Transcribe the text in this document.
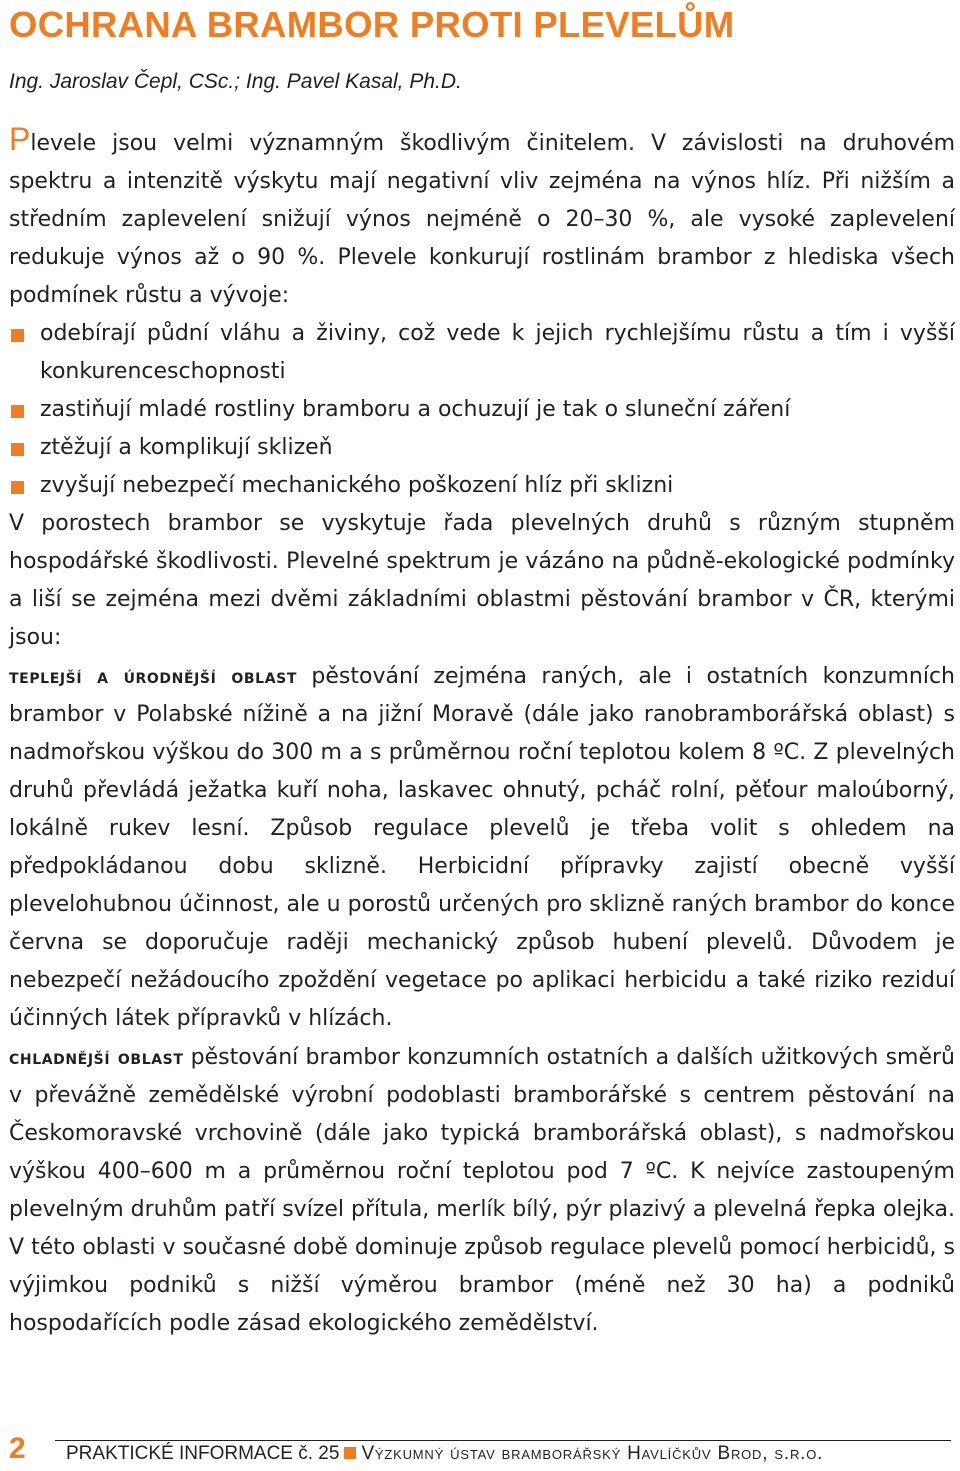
OCHRANA BRAMBOR PROTI PLEVELŮM
Ing. Jaroslav Čepl, CSc.; Ing. Pavel Kasal, Ph.D.

Plevele jsou velmi významným škodlivým činitelem. V závislosti na druhovém spektru a intenzitě výskytu mají negativní vliv zejména na výnos hlíz. Při nižším a středním zaplevelení snižují výnos nejméně o 20–30 %, ale vysoké zaplevelení redukuje výnos až o 90 %. Plevele konkurují rostlinám brambor z hlediska všech podmínek růstu a vývoje:

odebírají půdní vláhu a živiny, což vede k jejich rychlejšímu růstu a tím i vyšší konkurenceschopnosti
zastiňují mladé rostliny bramboru a ochuzují je tak o sluneční záření
ztěžují a komplikují sklizeň
zvyšují nebezpečí mechanického poškození hlíz při sklizni

V porostech brambor se vyskytuje řada plevelných druhů s různým stupněm hospodářské škodlivosti. Plevelné spektrum je vázáno na půdně-ekologické podmínky a liší se zejména mezi dvěmi základními oblastmi pěstování brambor v ČR, kterými jsou:

teplejší a úrodnější oblast pěstování zejména raných, ale i ostatních konzumních brambor v Polabské nížině a na jižní Moravě (dále jako ranobramborářská oblast) s nadmořskou výškou do 300 m a s průměrnou roční teplotou kolem 8 ºC. Z plevelných druhů převládá ježatka kuří noha, laskavec ohnutý, pcháč rolní, pěťour maloúborný, lokálně rukev lesní. Způsob regulace plevelů je třeba volit s ohledem na předpokládanou dobu sklizně. Herbicidní přípravky zajistí obecně vyšší plevelohubnou účinnost, ale u porostů určených pro sklizně raných brambor do konce června se doporučuje raději mechanický způsob hubení plevelů. Důvodem je nebezpečí nežádoucího zpoždění vegetace po aplikaci herbicidu a také riziko reziduí účinných látek přípravků v hlízách.

chladnější oblast pěstování brambor konzumních ostatních a dalších užitkových směrů v převážně zemědělské výrobní podoblasti bramborářské s centrem pěstování na Českomoravské vrchovině (dále jako typická bramborářská oblast), s nadmořskou výškou 400–600 m a průměrnou roční teplotou pod 7 ºC. K nejvíce zastoupeným plevelným druhům patří svízel přítula, merlík bílý, pýr plazivý a plevelná řepka olejka. V této oblasti v současné době dominuje způsob regulace plevelů pomocí herbicidů, s výjimkou podniků s nižší výměrou brambor (méně než 30 ha) a podniků hospodařících podle zásad ekologického zemědělství.

2 PRAKTICKÉ INFORMACE č. 25 Výzkumný ústav bramborářský Havlíčkův Brod, s.r.o.
